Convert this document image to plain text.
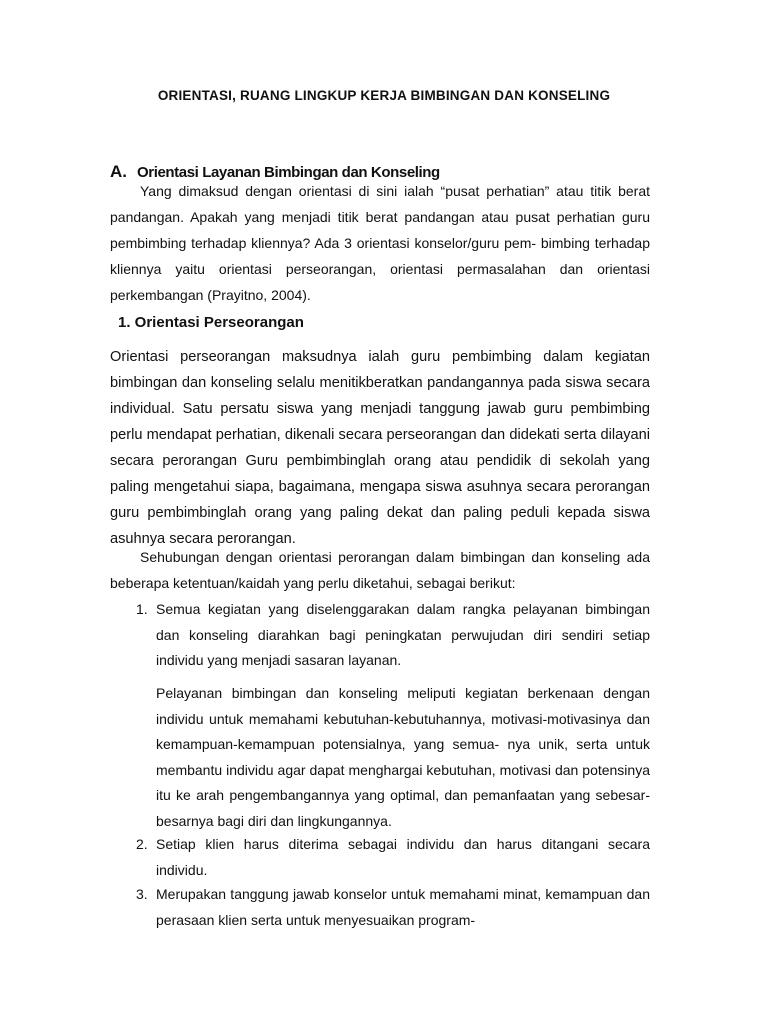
ORIENTASI, RUANG LINGKUP KERJA BIMBINGAN DAN KONSELING
A. Orientasi Layanan Bimbingan dan Konseling
Yang dimaksud dengan orientasi di sini ialah “pusat perhatian” atau titik berat pandangan. Apakah yang menjadi titik berat pandangan atau pusat perhatian guru pembimbing terhadap kliennya? Ada 3 orientasi konselor/guru pem- bimbing terhadap kliennya yaitu orientasi perseorangan, orientasi permasalahan dan orientasi perkembangan (Prayitno, 2004).
1. Orientasi Perseorangan
Orientasi perseorangan maksudnya ialah guru pembimbing dalam kegiatan bimbingan dan konseling selalu menitikberatkan pandangannya pada siswa secara individual. Satu persatu siswa yang menjadi tanggung jawab guru pembimbing perlu mendapat perhatian, dikenali secara perseorangan dan didekati serta dilayani secara perorangan Guru pembimbinglah orang atau pendidik di sekolah yang paling mengetahui siapa, bagaimana, mengapa siswa asuhnya secara perorangan guru pembimbinglah orang yang paling dekat dan paling peduli kepada siswa asuhnya secara perorangan.
Sehubungan dengan orientasi perorangan dalam bimbingan dan konseling ada beberapa ketentuan/kaidah yang perlu diketahui, sebagai berikut:
1. Semua kegiatan yang diselenggarakan dalam rangka pelayanan bimbingan dan konseling diarahkan bagi peningkatan perwujudan diri sendiri setiap individu yang menjadi sasaran layanan.
Pelayanan bimbingan dan konseling meliputi kegiatan berkenaan dengan individu untuk memahami kebutuhan-kebutuhannya, motivasi-motivasinya dan kemampuan-kemampuan potensialnya, yang semua- nya unik, serta untuk membantu individu agar dapat menghargai kebutuhan, motivasi dan potensinya itu ke arah pengembangannya yang optimal, dan pemanfaatan yang sebesar-besarnya bagi diri dan lingkungannya.
2. Setiap klien harus diterima sebagai individu dan harus ditangani secara individu.
3. Merupakan tanggung jawab konselor untuk memahami minat, kemampuan dan perasaan klien serta untuk menyesuaikan program-
